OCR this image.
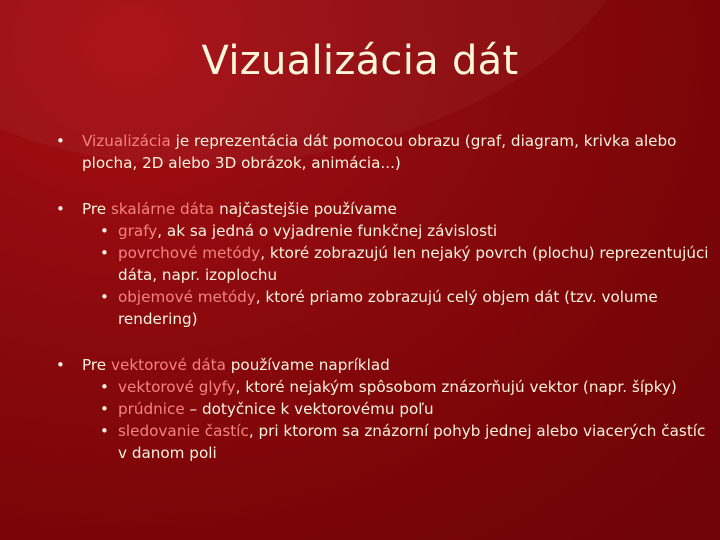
Vizualizácia dát
• Vizualizácia je reprezentácia dát pomocou obrazu (graf, diagram, krivka alebo plocha, 2D alebo 3D obrázok, animácia...)
• Pre skalárne dáta najčastejšie používame
• grafy, ak sa jedná o vyjadrenie funkčnej závislosti
• povrchové metódy, ktoré zobrazujú len nejaký povrch (plochu) reprezentujúci dáta, napr. izoplochu
• objemové metódy, ktoré priamo zobrazujú celý objem dát (tzv. volume rendering)
• Pre vektorové dáta používame napríklad
• vektorové glyfy, ktoré nejakým spôsobom znázorňujú vektor (napr. šípky)
• prúdnice – dotyčnice k vektorovému poľu
• sledovanie častíc, pri ktorom sa znázorní pohyb jednej alebo viacerých častíc v danom poli
